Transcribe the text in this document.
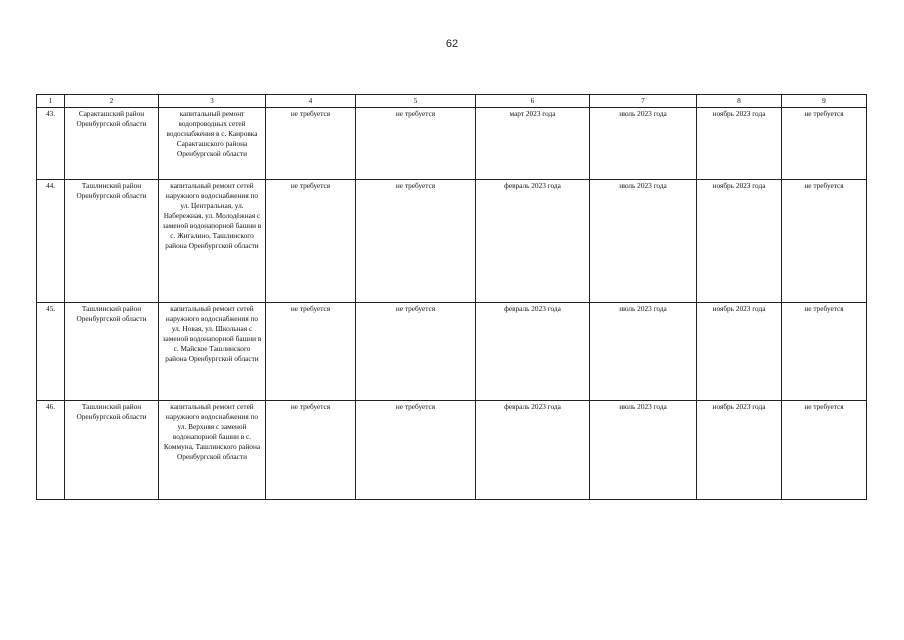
62
1	2	3	4	5	6	7	8	9
43.	Саракташский район Оренбургской области	капитальный ремонт водопроводных сетей водоснабжения в с. Каировка Саракташского района Оренбургской области	не требуется	не требуется	март 2023 года	июль 2023 года	ноябрь 2023 года	не требуется
44.	Ташлинский район Оренбургской области	капитальный ремонт сетей наружного водоснабжения по ул. Центральная, ул. Набережная, ул. Молодёжная с заменой водонапорной башни в с. Жигалино, Ташлинского района Оренбургской области	не требуется	не требуется	февраль 2023 года	июль 2023 года	ноябрь 2023 года	не требуется
45.	Ташлинский район Оренбургской области	капитальный ремонт сетей наружного водоснабжения по ул. Новая, ул. Школьная с заменой водонапорной башни в с. Майское Ташлинского района Оренбургской области	не требуется	не требуется	февраль 2023 года	июль 2023 года	ноябрь 2023 года	не требуется
46.	Ташлинский район Оренбургской области	капитальный ремонт сетей наружного водоснабжения по ул. Верхняя с заменой водонапорной башни в с. Коммуна, Ташлинского района Оренбургской области	не требуется	не требуется	февраль 2023 года	июль 2023 года	ноябрь 2023 года	не требуется
